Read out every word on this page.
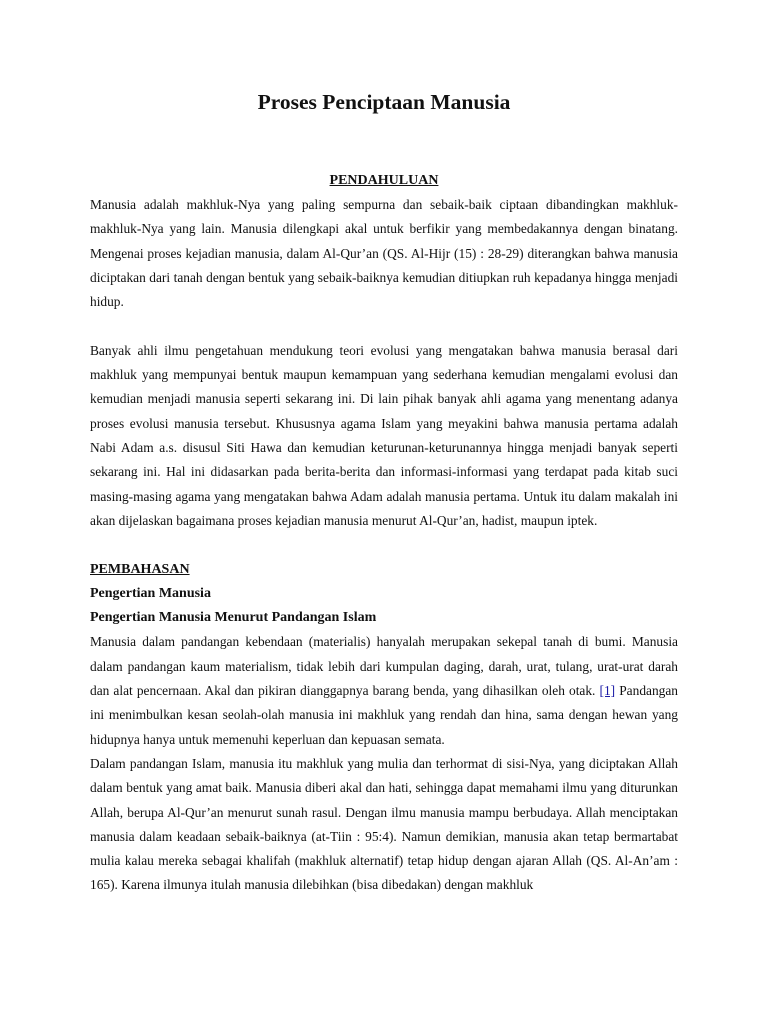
Proses Penciptaan Manusia
PENDAHULUAN

Manusia adalah makhluk-Nya yang paling sempurna dan sebaik-baik ciptaan dibandingkan makhluk-makhluk-Nya yang lain. Manusia dilengkapi akal untuk berfikir yang membedakannya dengan binatang. Mengenai proses kejadian manusia, dalam Al-Qur’an (QS. Al-Hijr (15) : 28-29) diterangkan bahwa manusia diciptakan dari tanah dengan bentuk yang sebaik-baiknya kemudian ditiupkan ruh kepadanya hingga menjadi hidup.

Banyak ahli ilmu pengetahuan mendukung teori evolusi yang mengatakan bahwa manusia berasal dari makhluk yang mempunyai bentuk maupun kemampuan yang sederhana kemudian mengalami evolusi dan kemudian menjadi manusia seperti sekarang ini. Di lain pihak banyak ahli agama yang menentang adanya proses evolusi manusia tersebut. Khususnya agama Islam yang meyakini bahwa manusia pertama adalah Nabi Adam a.s. disusul Siti Hawa dan kemudian keturunan-keturunannya hingga menjadi banyak seperti sekarang ini. Hal ini didasarkan pada berita-berita dan informasi-informasi yang terdapat pada kitab suci masing-masing agama yang mengatakan bahwa Adam adalah manusia pertama. Untuk itu dalam makalah ini akan dijelaskan bagaimana proses kejadian manusia menurut Al-Qur’an, hadist, maupun iptek.

PEMBAHASAN
Pengertian Manusia
Pengertian Manusia Menurut Pandangan Islam

Manusia dalam pandangan kebendaan (materialis) hanyalah merupakan sekepal tanah di bumi. Manusia dalam pandangan kaum materialism, tidak lebih dari kumpulan daging, darah, urat, tulang, urat-urat darah dan alat pencernaan. Akal dan pikiran dianggapnya barang benda, yang dihasilkan oleh otak. [1] Pandangan ini menimbulkan kesan seolah-olah manusia ini makhluk yang rendah dan hina, sama dengan hewan yang hidupnya hanya untuk memenuhi keperluan dan kepuasan semata.

Dalam pandangan Islam, manusia itu makhluk yang mulia dan terhormat di sisi-Nya, yang diciptakan Allah dalam bentuk yang amat baik. Manusia diberi akal dan hati, sehingga dapat memahami ilmu yang diturunkan Allah, berupa Al-Qur’an menurut sunah rasul. Dengan ilmu manusia mampu berbudaya. Allah menciptakan manusia dalam keadaan sebaik-baiknya (at-Tiin : 95:4). Namun demikian, manusia akan tetap bermartabat mulia kalau mereka sebagai khalifah (makhluk alternatif) tetap hidup dengan ajaran Allah (QS. Al-An’am : 165). Karena ilmunya itulah manusia dilebihkan (bisa dibedakan) dengan makhluk
